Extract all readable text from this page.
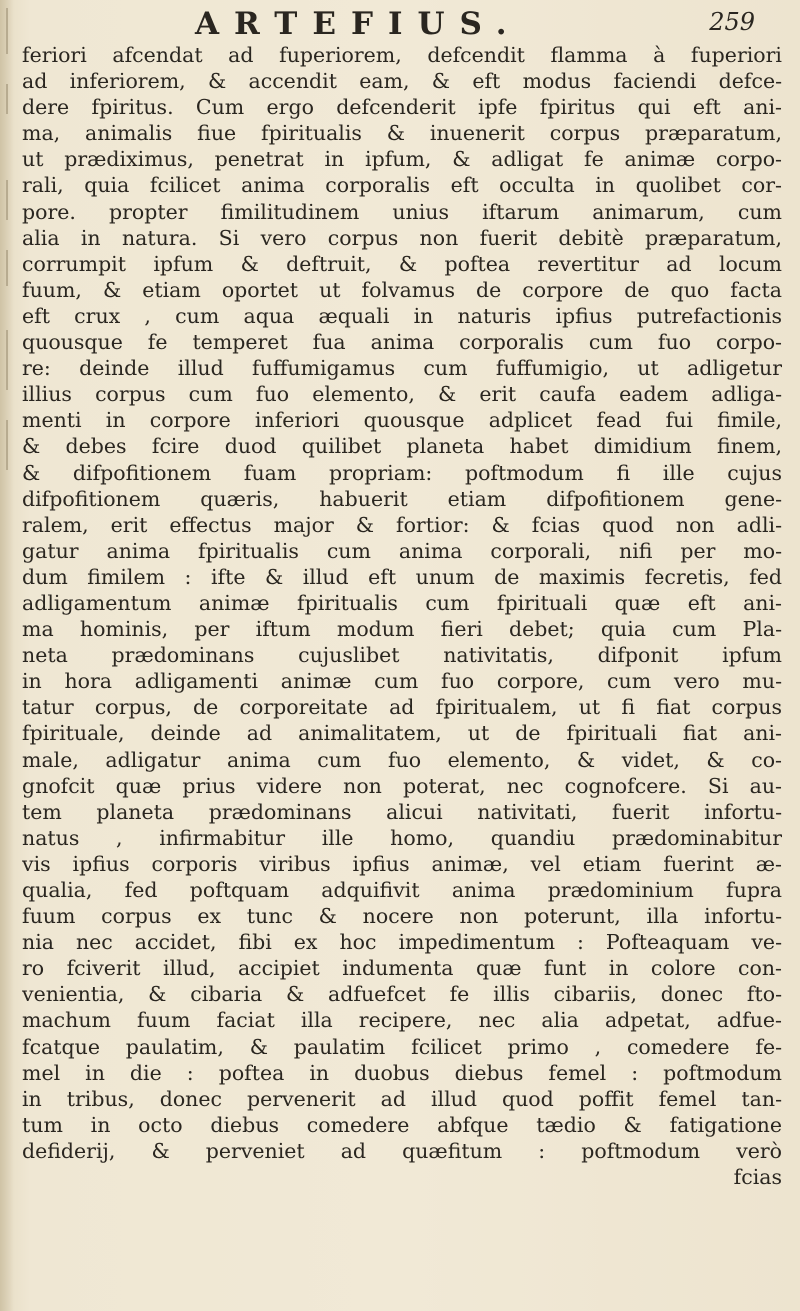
ARTEFIUS.	259
feriori afcendat ad fuperiorem, defcendit flamma à fuperiori
ad inferiorem, & accendit eam, & eft modus faciendi defce-
dere fpiritus. Cum ergo defcenderit ipfe fpiritus qui eft ani-
ma, animalis fiue fpiritualis & inuenerit corpus præparatum,
ut prædiximus, penetrat in ipfum, & adligat fe animæ corpo-
rali, quia fcilicet anima corporalis eft occulta in quolibet cor-
pore. propter fimilitudinem unius iftarum animarum, cum
alia in natura. Si vero corpus non fuerit debitè præparatum,
corrumpit ipfum & deftruit, & poftea revertitur ad locum
fuum, & etiam oportet ut folvamus de corpore de quo facta
eft crux , cum aqua æquali in naturis ipfius putrefactionis
quousque fe temperet fua anima corporalis cum fuo corpo-
re: deinde illud fuffumigamus cum fuffumigio, ut adligetur
illius corpus cum fuo elemento, & erit caufa eadem adliga-
menti in corpore inferiori quousque adplicet fead fui fimile,
& debes fcire duod quilibet planeta habet dimidium finem,
& difpofitionem fuam propriam: poftmodum fi ille cujus
difpofitionem quæris, habuerit etiam difpofitionem gene-
ralem, erit effectus major & fortior: & fcias quod non adli-
gatur anima fpiritualis cum anima corporali, nifi per mo-
dum fimilem : ifte & illud eft unum de maximis fecretis, fed
adligamentum animæ fpiritualis cum fpirituali quæ eft ani-
ma hominis, per iftum modum fieri debet; quia cum Pla-
neta prædominans cujuslibet nativitatis, difponit ipfum
in hora adligamenti animæ cum fuo corpore, cum vero mu-
tatur corpus, de corporeitate ad fpiritualem, ut fi fiat corpus
fpirituale, deinde ad animalitatem, ut de fpirituali fiat ani-
male, adligatur anima cum fuo elemento, & videt, & co-
gnofcit quæ prius videre non poterat, nec cognofcere. Si au-
tem planeta prædominans alicui nativitati, fuerit infortu-
natus , infirmabitur ille homo, quandiu prædominabitur
vis ipfius corporis viribus ipfius animæ, vel etiam fuerint æ-
qualia, fed poftquam adquifivit anima prædominium fupra
fuum corpus ex tunc & nocere non poterunt, illa infortu-
nia nec accidet, fibi ex hoc impedimentum : Pofteaquam ve-
ro fciverit illud, accipiet indumenta quæ funt in colore con-
venientia, & cibaria & adfuefcet fe illis cibariis, donec fto-
machum fuum faciat illa recipere, nec alia adpetat, adfue-
fcatque paulatim, & paulatim fcilicet primo , comedere fe-
mel in die : poftea in duobus diebus femel : poftmodum
in tribus, donec pervenerit ad illud quod poffit femel tan-
tum in octo diebus comedere abfque tædio & fatigatione
defiderij, & perveniet ad quæfitum : poftmodum verò
fcias
